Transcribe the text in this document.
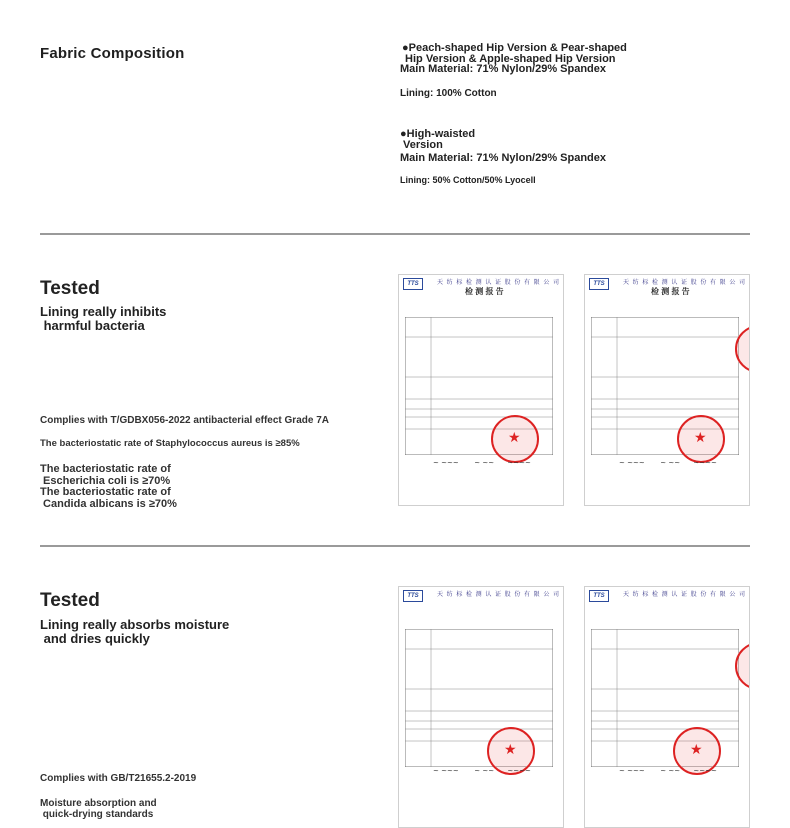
Fabric Composition	●Peach-shaped Hip Version & Pear-shaped
Hip Version & Apple-shaped Hip Version
Main Material: 71% Nylon/29% Spandex
Lining: 100% Cotton
●High-waisted
Version
Main Material: 71% Nylon/29% Spandex
Lining: 50% Cotton/50% Lyocell
Tested
Lining really inhibits
harmful bacteria
Complies with T/GDBX056-2022 antibacterial effect Grade 7A
The bacteriostatic rate of Staphylococcus aureus is ≥85%
The bacteriostatic rate of
Escherichia coli is ≥70%
The bacteriostatic rate of
Candida albicans is ≥70%
TTS	天 纺 标 检 测 认 证 股 份 有 限 公 司
检 测 报 告
★
~ ~~~       ~ ~~      ~~~~
TTS	天 纺 标 检 测 认 证 股 份 有 限 公 司
检 测 报 告
★
~ ~~~       ~ ~~      ~~~~
Tested
Lining really absorbs moisture
and dries quickly
Complies with GB/T21655.2-2019
Moisture absorption and
quick-drying standards
TTS	天 纺 标 检 测 认 证 股 份 有 限 公 司
★
~ ~~~       ~ ~~      ~~~~
TTS	天 纺 标 检 测 认 证 股 份 有 限 公 司
★
~ ~~~       ~ ~~      ~~~~
